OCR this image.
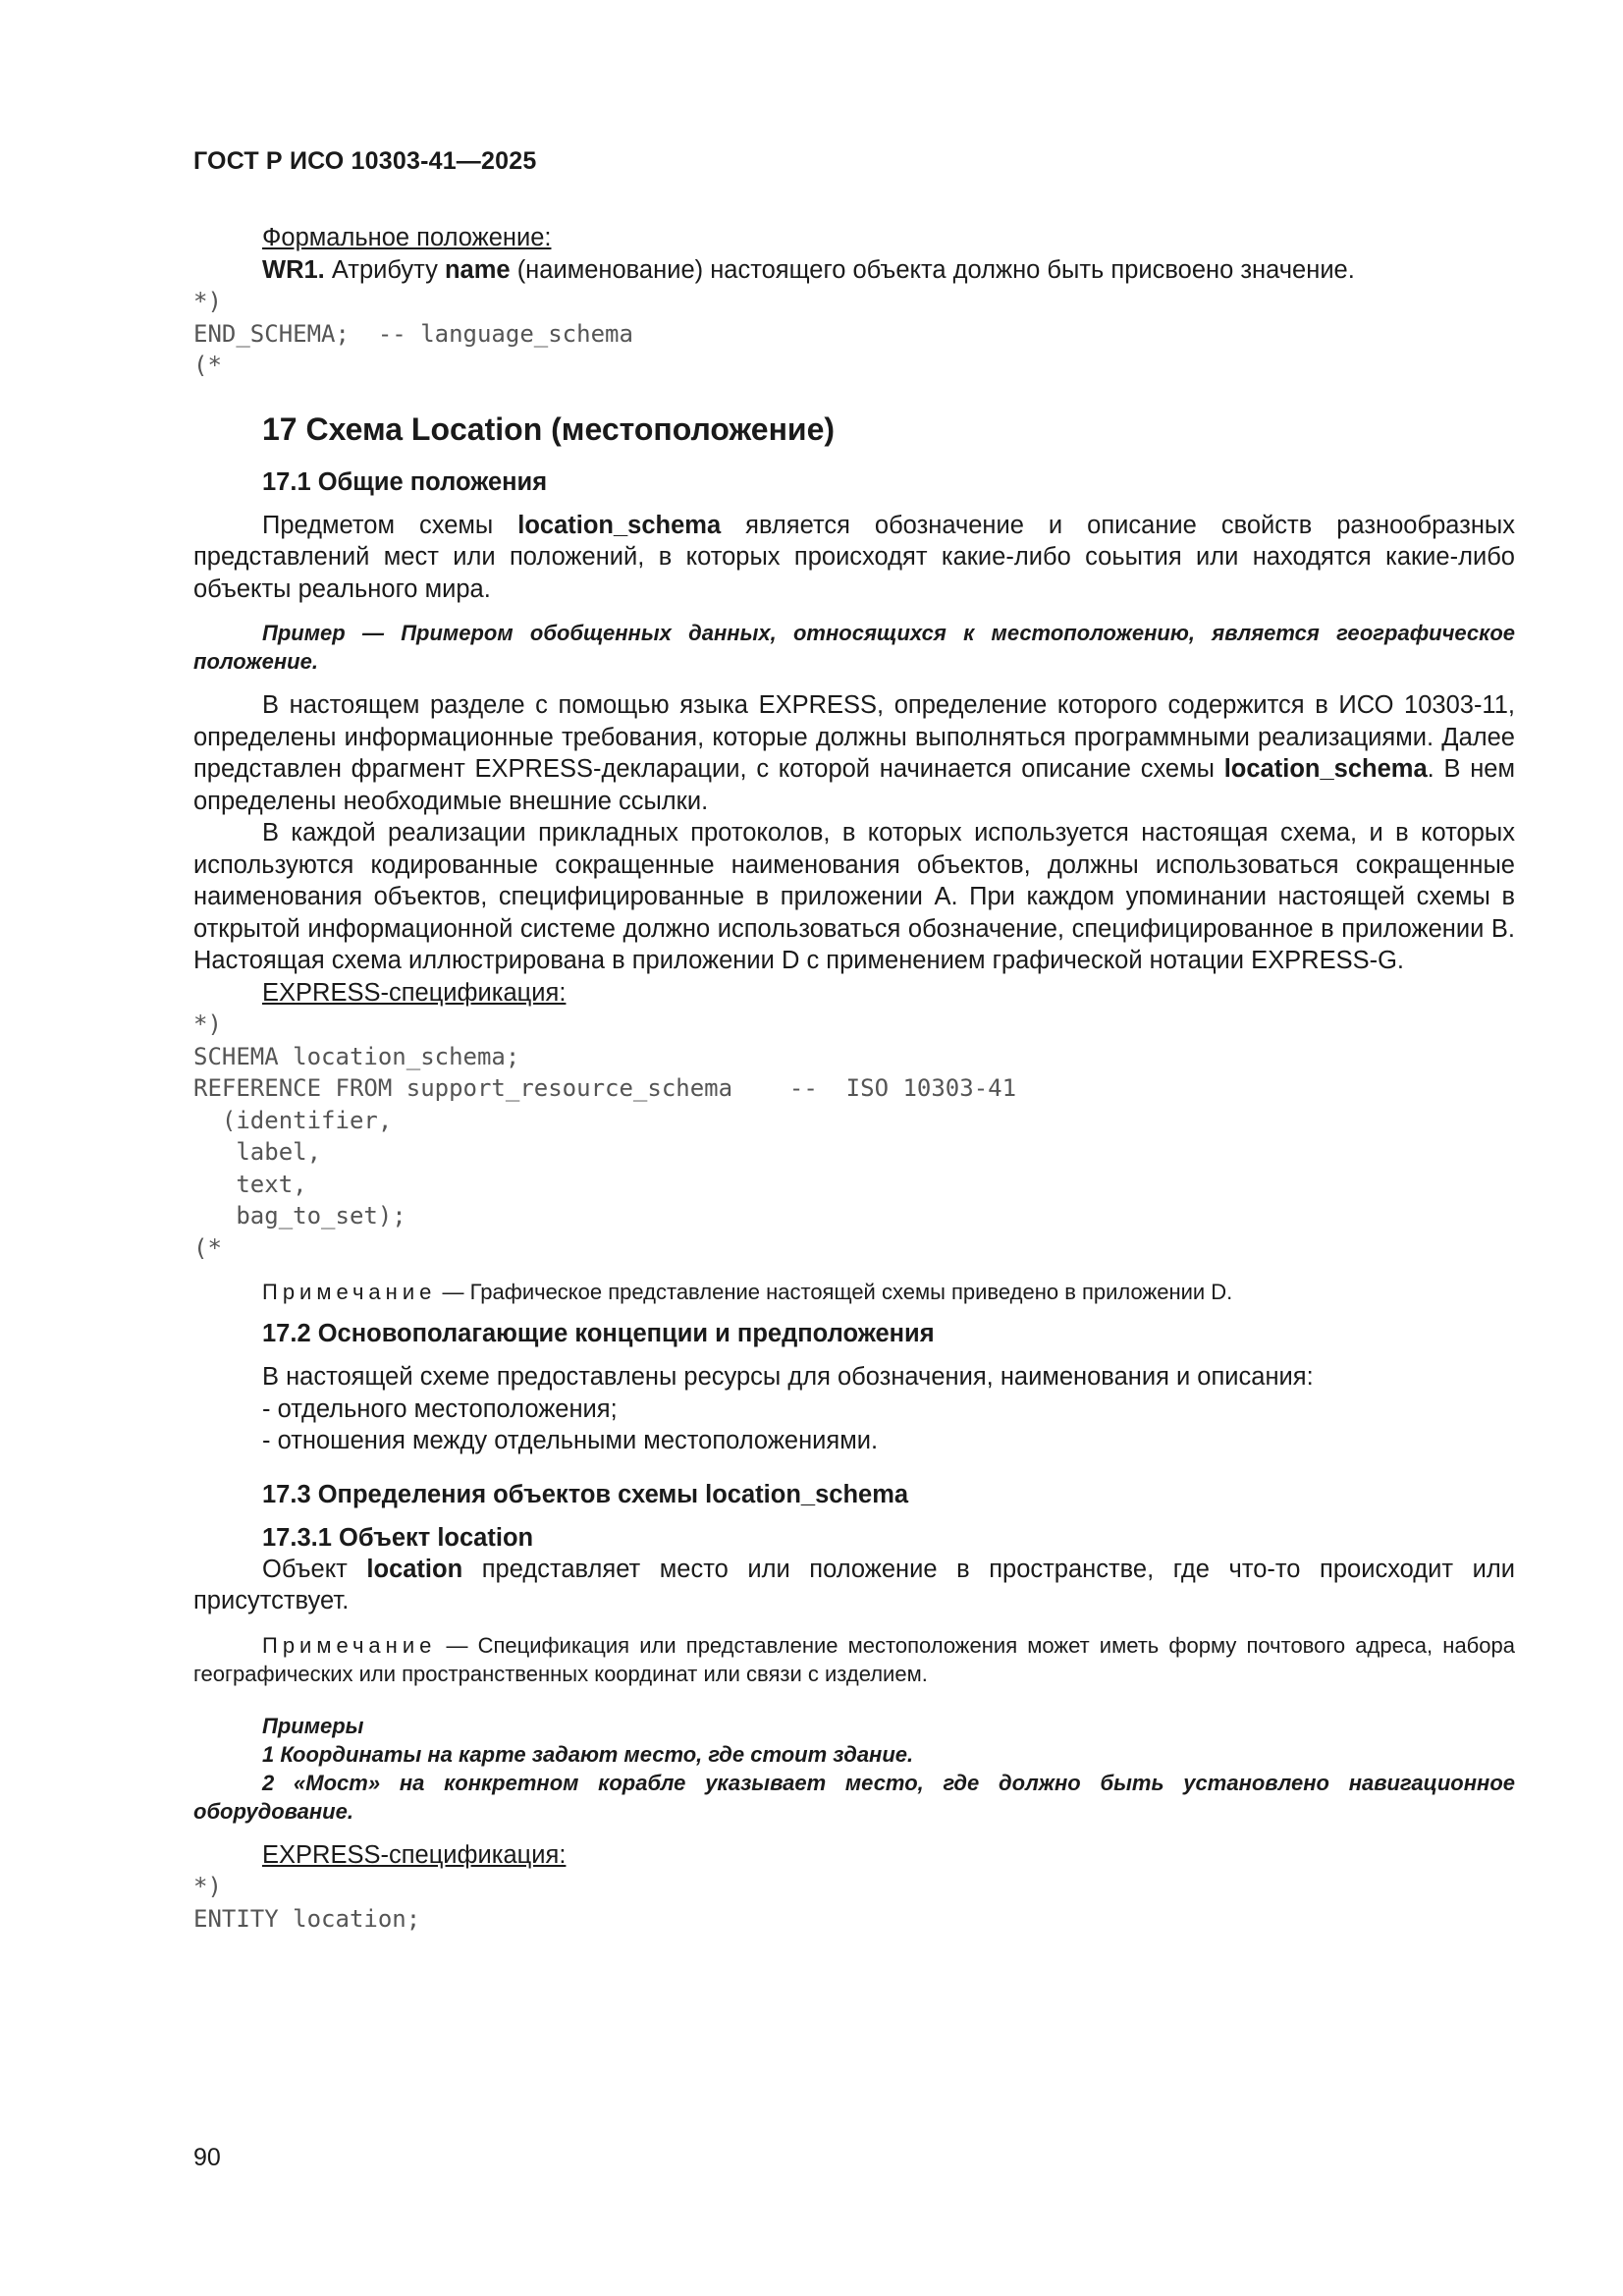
ГОСТ Р ИСО 10303-41—2025
Формальное положение:
WR1. Атрибуту name (наименование) настоящего объекта должно быть присвоено значение.
*)
END_SCHEMA;  -- language_schema
(*
17 Схема Location (местоположение)
17.1 Общие положения

Предметом схемы location_schema является обозначение и описание свойств разнообразных представлений мест или положений, в которых происходят какие-либо соьытия или находятся какие-либо объекты реального мира.

Пример — Примером обобщенных данных, относящихся к местоположению, является географическое положение.

В настоящем разделе с помощью языка EXPRESS, определение которого содержится в ИСО 10303-11, определены информационные требования, которые должны выполняться программными реализациями. Далее представлен фрагмент EXPRESS-декларации, с которой начинается описание схемы location_schema. В нем определены необходимые внешние ссылки.

В каждой реализации прикладных протоколов, в которых используется настоящая схема, и в которых используются кодированные сокращенные наименования объектов, должны использоваться сокращенные наименования объектов, специфицированные в приложении А. При каждом упоминании настоящей схемы в открытой информационной системе должно использоваться обозначение, специфицированное в приложении В. Настоящая схема иллюстрирована в приложении D с применением графической нотации EXPRESS-G.

EXPRESS-спецификация:
*)
SCHEMA location_schema;
REFERENCE FROM support_resource_schema    --  ISO 10303-41
(identifier,
label,
text,
bag_to_set);
(*
Примечание — Графическое представление настоящей схемы приведено в приложении D.
17.2 Основополагающие концепции и предположения
В настоящей схеме предоставлены ресурсы для обозначения, наименования и описания:
- отдельного местоположения;
- отношения между отдельными местоположениями.
17.3 Определения объектов схемы location_schema
17.3.1 Объект location

Объект location представляет место или положение в пространстве, где что-то происходит или присутствует.

Примечание — Спецификация или представление местоположения может иметь форму почтового адреса, набора географических или пространственных координат или связи с изделием.
Примеры
1 Координаты на карте задают место, где стоит здание.
2 «Мост» на конкретном корабле указывает место, где должно быть установлено навигационное оборудование.
EXPRESS-спецификация:
*)
ENTITY location;
90
